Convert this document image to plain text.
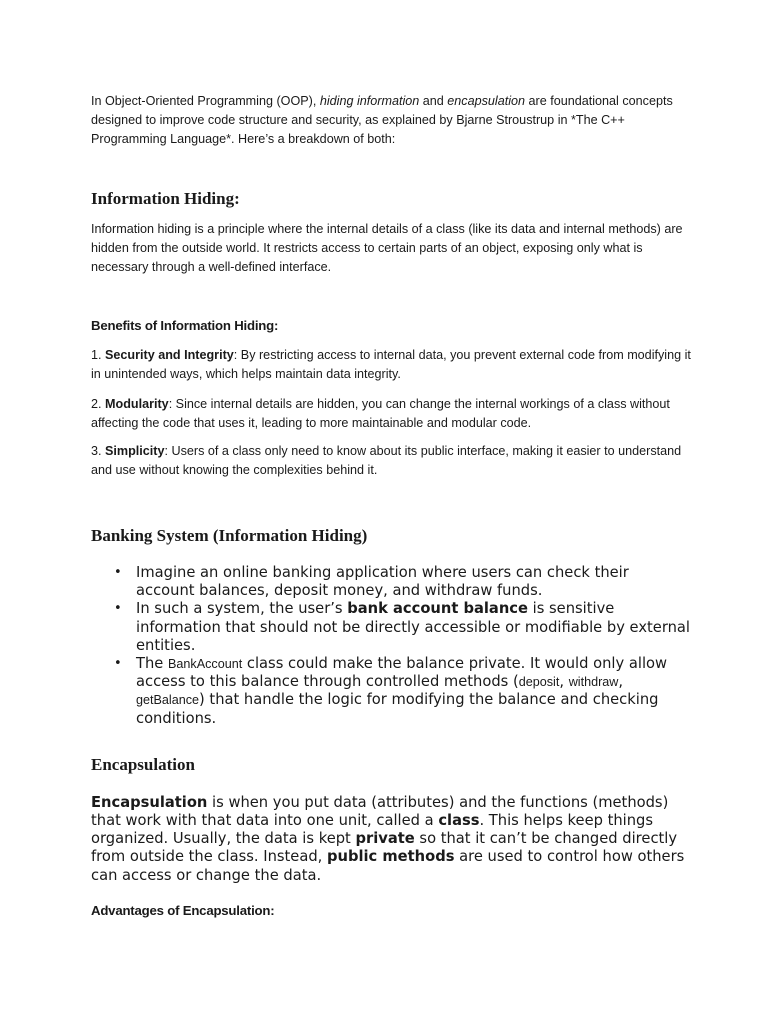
In Object-Oriented Programming (OOP), hiding information and encapsulation are foundational concepts designed to improve code structure and security, as explained by Bjarne Stroustrup in *The C++ Programming Language*. Here’s a breakdown of both:

Information Hiding:

Information hiding is a principle where the internal details of a class (like its data and internal methods) are hidden from the outside world. It restricts access to certain parts of an object, exposing only what is necessary through a well-defined interface.

Benefits of Information Hiding:

1. Security and Integrity: By restricting access to internal data, you prevent external code from modifying it in unintended ways, which helps maintain data integrity.

2. Modularity: Since internal details are hidden, you can change the internal workings of a class without affecting the code that uses it, leading to more maintainable and modular code.

3. Simplicity: Users of a class only need to know about its public interface, making it easier to understand and use without knowing the complexities behind it.

Banking System (Information Hiding)
• Imagine an online banking application where users can check their account balances, deposit money, and withdraw funds.
• In such a system, the user’s bank account balance is sensitive information that should not be directly accessible or modifiable by external entities.
• The BankAccount class could make the balance private. It would only allow access to this balance through controlled methods (deposit, withdraw, getBalance) that handle the logic for modifying the balance and checking conditions.
Encapsulation

Encapsulation is when you put data (attributes) and the functions (methods) that work with that data into one unit, called a class. This helps keep things organized. Usually, the data is kept private so that it can’t be changed directly from outside the class. Instead, public methods are used to control how others can access or change the data.

Advantages of Encapsulation:
